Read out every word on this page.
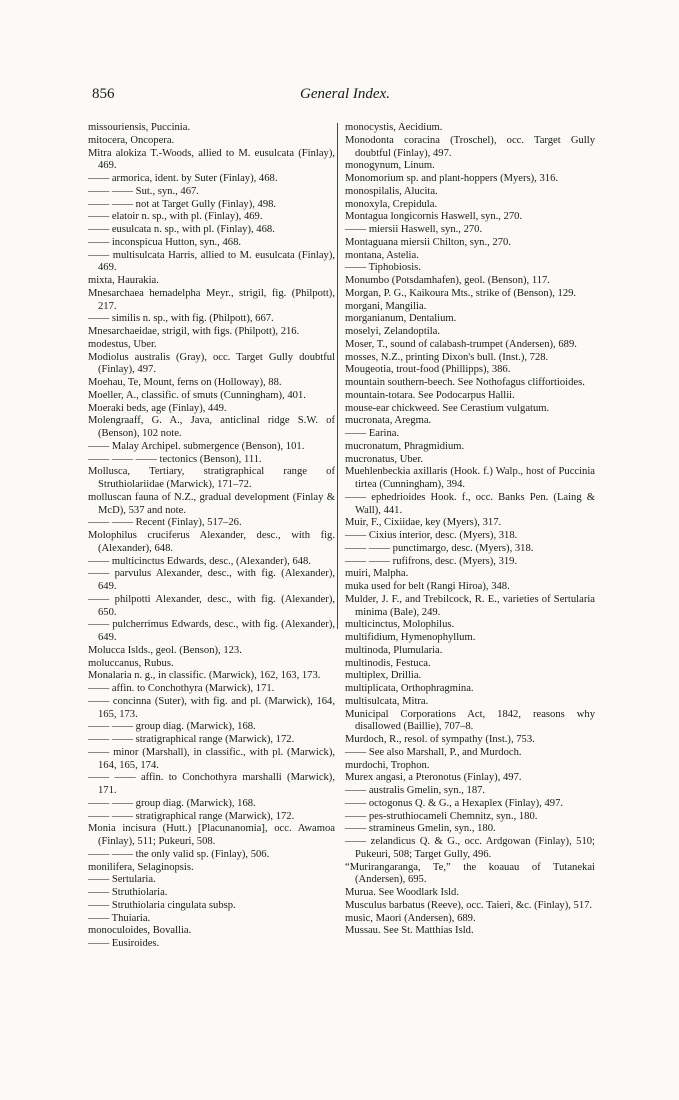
856	General Index.
missouriensis, Puccinia.
mitocera, Oncopera.
Mitra alokiza T.-Woods, allied to M. eusulcata (Finlay), 469.
—— armorica, ident. by Suter (Finlay), 468.
—— —— Sut., syn., 467.
—— —— not at Target Gully (Finlay), 498.
—— elatoir n. sp., with pl. (Finlay), 469.
—— eusulcata n. sp., with pl. (Finlay), 468.
—— inconspicua Hutton, syn., 468.
—— multisulcata Harris, allied to M. eusulcata (Finlay), 469.
mixta, Haurakia.
Mnesarchaea hemadelpha Meyr., strigil, fig. (Philpott), 217.
—— similis n. sp., with fig. (Philpott), 667.
Mnesarchaeidae, strigil, with figs. (Philpott), 216.
modestus, Uber.
Modiolus australis (Gray), occ. Target Gully doubtful (Finlay), 497.
Moehau, Te, Mount, ferns on (Holloway), 88.
Moeller, A., classific. of smuts (Cunningham), 401.
Moeraki beds, age (Finlay), 449.
Molengraaff, G. A., Java, anticlinal ridge S.W. of (Benson), 102 note.
—— Malay Archipel. submergence (Benson), 101.
—— —— —— tectonics (Benson), 111.
Mollusca, Tertiary, stratigraphical range of Struthiolariidae (Marwick), 171–72.
molluscan fauna of N.Z., gradual development (Finlay & McD), 537 and note.
—— —— Recent (Finlay), 517–26.
Molophilus cruciferus Alexander, desc., with fig. (Alexander), 648.
—— multicinctus Edwards, desc., (Alexander), 648.
—— parvulus Alexander, desc., with fig. (Alexander), 649.
—— philpotti Alexander, desc., with fig. (Alexander), 650.
—— pulcherrimus Edwards, desc., with fig. (Alexander), 649.
Molucca Islds., geol. (Benson), 123.
moluccanus, Rubus.
Monalaria n. g., in classific. (Marwick), 162, 163, 173.
—— affin. to Conchothyra (Marwick), 171.
—— concinna (Suter), with fig. and pl. (Marwick), 164, 165, 173.
—— —— group diag. (Marwick), 168.
—— —— stratigraphical range (Marwick), 172.
—— minor (Marshall), in classific., with pl. (Marwick), 164, 165, 174.
—— —— affin. to Conchothyra marshalli (Marwick), 171.
—— —— group diag. (Marwick), 168.
—— —— stratigraphical range (Marwick), 172.
Monia incisura (Hutt.) [Placunanomia], occ. Awamoa (Finlay), 511; Pukeuri, 508.
—— —— the only valid sp. (Finlay), 506.
monilifera, Selaginopsis.
—— Sertularia.
—— Struthiolaria.
—— Struthiolaria cingulata subsp.
—— Thuiaria.
monoculoides, Bovallia.
—— Eusiroides.
monocystis, Aecidium.
Monodonta coracina (Troschel), occ. Target Gully doubtful (Finlay), 497.
monogynum, Linum.
Monomorium sp. and plant-hoppers (Myers), 316.
monospilalis, Alucita.
monoxyla, Crepidula.
Montagua longicornis Haswell, syn., 270.
—— miersii Haswell, syn., 270.
Montaguana miersii Chilton, syn., 270.
montana, Astelia.
—— Tiphobiosis.
Monumbo (Potsdamhafen), geol. (Benson), 117.
Morgan, P. G., Kaikoura Mts., strike of (Benson), 129.
morgani, Mangilia.
morganianum, Dentalium.
moselyi, Zelandoptila.
Moser, T., sound of calabash-trumpet (Andersen), 689.
mosses, N.Z., printing Dixon's bull. (Inst.), 728.
Mougeotia, trout-food (Phillipps), 386.
mountain southern-beech. See Nothofagus cliffortioides.
mountain-totara. See Podocarpus Hallii.
mouse-ear chickweed. See Cerastium vulgatum.
mucronata, Aregma.
—— Earina.
mucronatum, Phragmidium.
mucronatus, Uber.
Muehlenbeckia axillaris (Hook. f.) Walp., host of Puccinia tirtea (Cunningham), 394.
—— ephedrioides Hook. f., occ. Banks Pen. (Laing & Wall), 441.
Muir, F., Cixiidae, key (Myers), 317.
—— Cixius interior, desc. (Myers), 318.
—— —— punctimargo, desc. (Myers), 318.
—— —— rufifrons, desc. (Myers), 319.
muiri, Malpha.
muka used for belt (Rangi Hiroa), 348.
Mulder, J. F., and Trebilcock, R. E., varieties of Sertularia minima (Bale), 249.
multicinctus, Molophilus.
multifidium, Hymenophyllum.
multinoda, Plumularia.
multinodis, Festuca.
multiplex, Drillia.
multiplicata, Orthophragmina.
multisulcata, Mitra.
Municipal Corporations Act, 1842, reasons why disallowed (Baillie), 707–8.
Murdoch, R., resol. of sympathy (Inst.), 753.
—— See also Marshall, P., and Murdoch.
murdochi, Trophon.
Murex angasi, a Pteronotus (Finlay), 497.
—— australis Gmelin, syn., 187.
—— octogonus Q. & G., a Hexaplex (Finlay), 497.
—— pes-struthiocameli Chemnitz, syn., 180.
—— stramineus Gmelin, syn., 180.
—— zelandicus Q. & G., occ. Ardgowan (Finlay), 510; Pukeuri, 508; Target Gully, 496.
“Murirangaranga, Te,” the koauau of Tutanekai (Andersen), 695.
Murua. See Woodlark Isld.
Musculus barbatus (Reeve), occ. Taieri, &c. (Finlay), 517.
music, Maori (Andersen), 689.
Mussau. See St. Matthias Isld.
